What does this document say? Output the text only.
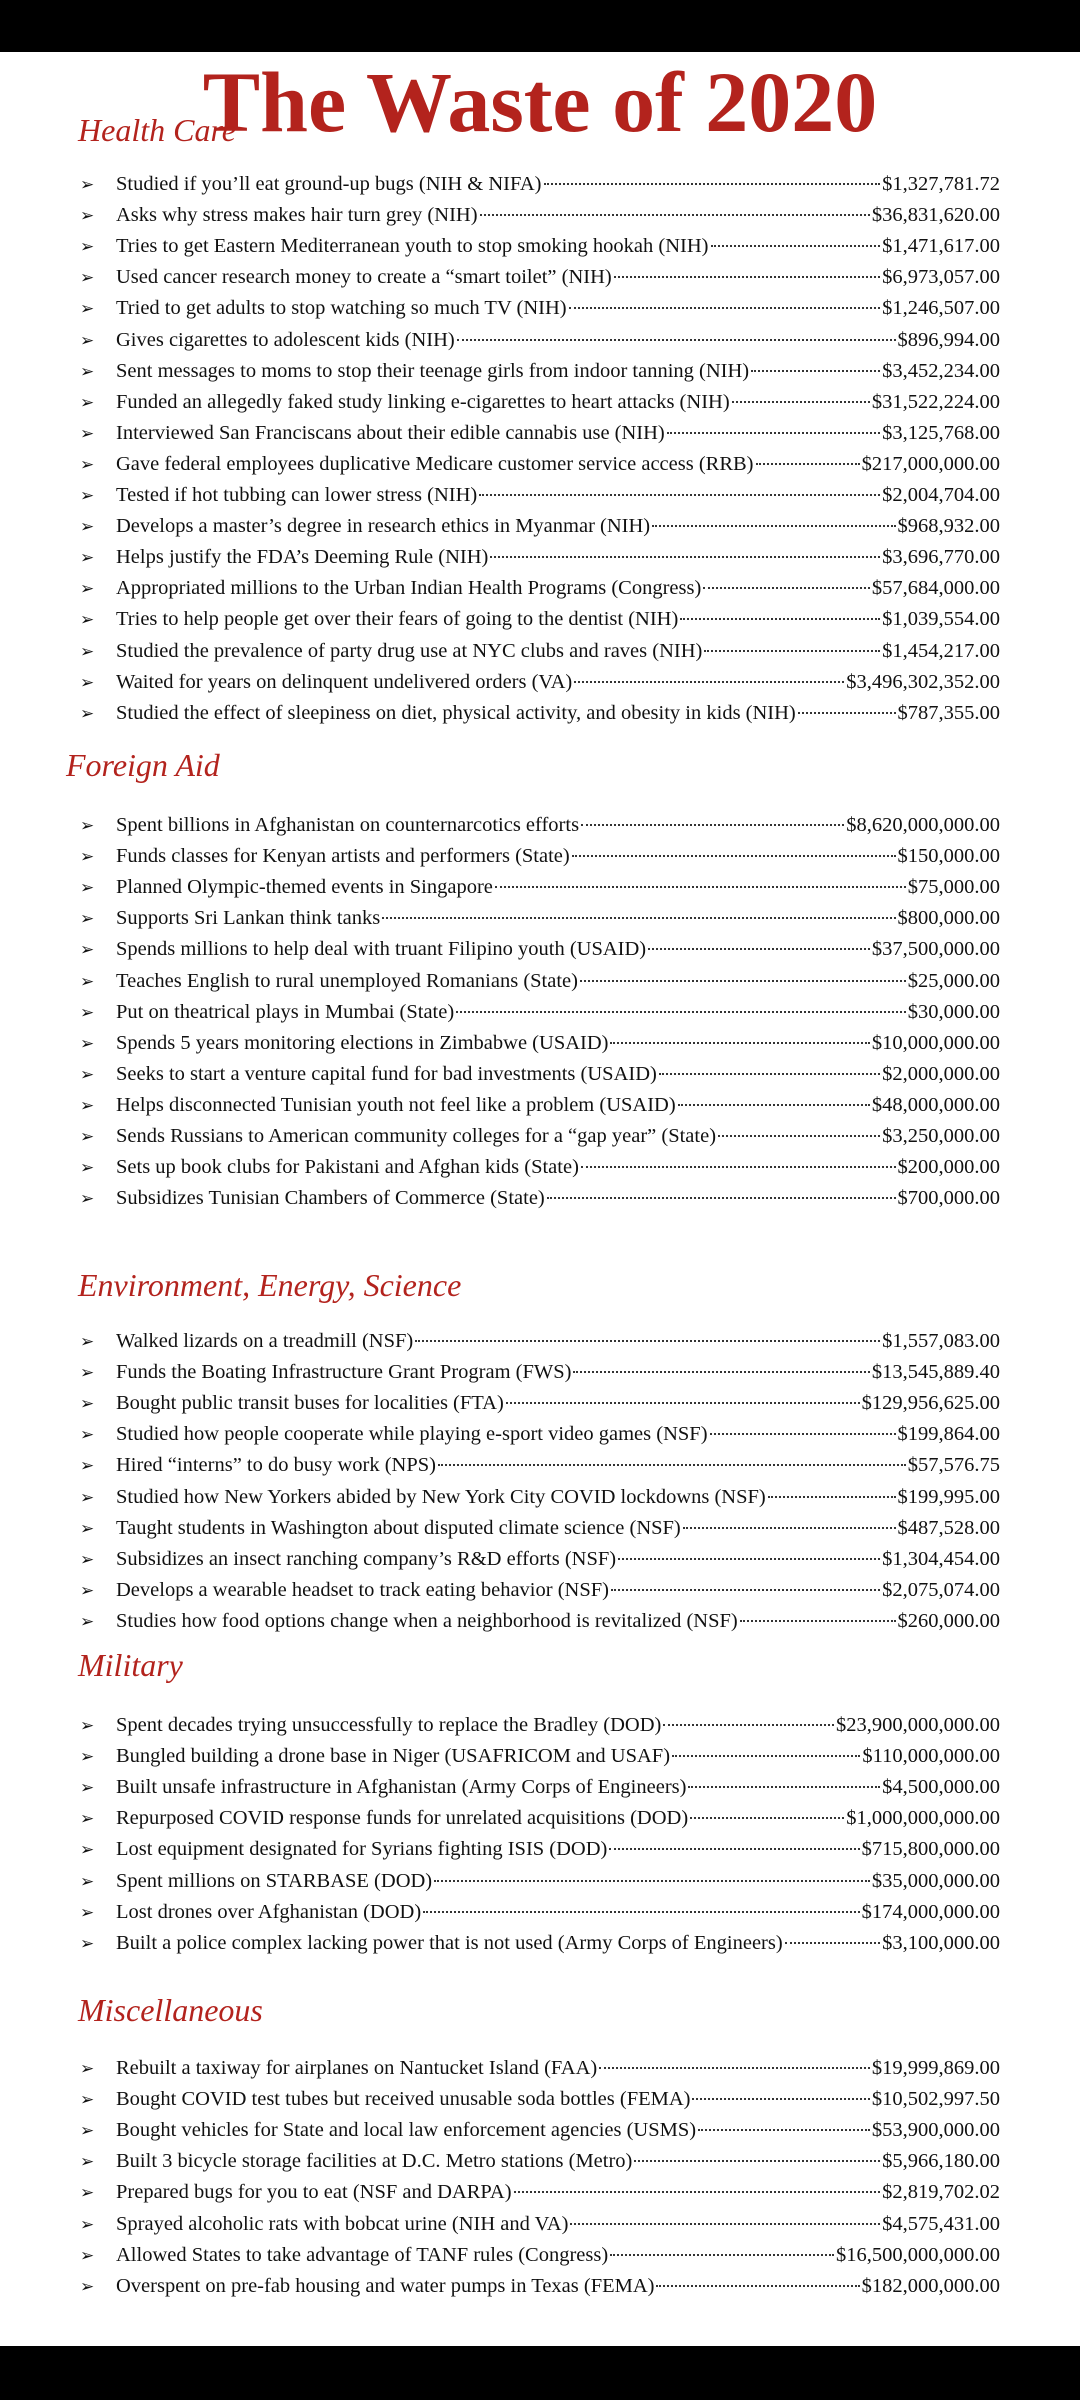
The Waste of 2020
Health Care
➢	Studied if you’ll eat ground-up bugs (NIH & NIFA)	$1,327,781.72
➢	Asks why stress makes hair turn grey (NIH)	$36,831,620.00
➢	Tries to get Eastern Mediterranean youth to stop smoking hookah (NIH)	$1,471,617.00
➢	Used cancer research money to create a “smart toilet” (NIH)	$6,973,057.00
➢	Tried to get adults to stop watching so much TV (NIH)	$1,246,507.00
➢	Gives cigarettes to adolescent kids (NIH)	$896,994.00
➢	Sent messages to moms to stop their teenage girls from indoor tanning (NIH)	$3,452,234.00
➢	Funded an allegedly faked study linking e-cigarettes to heart attacks (NIH)	$31,522,224.00
➢	Interviewed San Franciscans about their edible cannabis use (NIH)	$3,125,768.00
➢	Gave federal employees duplicative Medicare customer service access (RRB)	$217,000,000.00
➢	Tested if hot tubbing can lower stress (NIH)	$2,004,704.00
➢	Develops a master’s degree in research ethics in Myanmar (NIH)	$968,932.00
➢	Helps justify the FDA’s Deeming Rule (NIH)	$3,696,770.00
➢	Appropriated millions to the Urban Indian Health Programs (Congress)	$57,684,000.00
➢	Tries to help people get over their fears of going to the dentist (NIH)	$1,039,554.00
➢	Studied the prevalence of party drug use at NYC clubs and raves (NIH)	$1,454,217.00
➢	Waited for years on delinquent undelivered orders (VA)	$3,496,302,352.00
➢	Studied the effect of sleepiness on diet, physical activity, and obesity in kids (NIH)	$787,355.00
Foreign Aid
➢	Spent billions in Afghanistan on counternarcotics efforts	$8,620,000,000.00
➢	Funds classes for Kenyan artists and performers (State)	$150,000.00
➢	Planned Olympic-themed events in Singapore	$75,000.00
➢	Supports Sri Lankan think tanks	$800,000.00
➢	Spends millions to help deal with truant Filipino youth (USAID)	$37,500,000.00
➢	Teaches English to rural unemployed Romanians (State)	$25,000.00
➢	Put on theatrical plays in Mumbai (State)	$30,000.00
➢	Spends 5 years monitoring elections in Zimbabwe (USAID)	$10,000,000.00
➢	Seeks to start a venture capital fund for bad investments (USAID)	$2,000,000.00
➢	Helps disconnected Tunisian youth not feel like a problem (USAID)	$48,000,000.00
➢	Sends Russians to American community colleges for a “gap year” (State)	$3,250,000.00
➢	Sets up book clubs for Pakistani and Afghan kids (State)	$200,000.00
➢	Subsidizes Tunisian Chambers of Commerce (State)	$700,000.00
Environment, Energy, Science
➢	Walked lizards on a treadmill (NSF)	$1,557,083.00
➢	Funds the Boating Infrastructure Grant Program (FWS)	$13,545,889.40
➢	Bought public transit buses for localities (FTA)	$129,956,625.00
➢	Studied how people cooperate while playing e-sport video games (NSF)	$199,864.00
➢	Hired “interns” to do busy work (NPS)	$57,576.75
➢	Studied how New Yorkers abided by New York City COVID lockdowns (NSF)	$199,995.00
➢	Taught students in Washington about disputed climate science (NSF)	$487,528.00
➢	Subsidizes an insect ranching company’s R&D efforts (NSF)	$1,304,454.00
➢	Develops a wearable headset to track eating behavior (NSF)	$2,075,074.00
➢	Studies how food options change when a neighborhood is revitalized (NSF)	$260,000.00
Military
➢	Spent decades trying unsuccessfully to replace the Bradley (DOD)	$23,900,000,000.00
➢	Bungled building a drone base in Niger (USAFRICOM and USAF)	$110,000,000.00
➢	Built unsafe infrastructure in Afghanistan (Army Corps of Engineers)	$4,500,000.00
➢	Repurposed COVID response funds for unrelated acquisitions (DOD)	$1,000,000,000.00
➢	Lost equipment designated for Syrians fighting ISIS (DOD)	$715,800,000.00
➢	Spent millions on STARBASE (DOD)	$35,000,000.00
➢	Lost drones over Afghanistan (DOD)	$174,000,000.00
➢	Built a police complex lacking power that is not used (Army Corps of Engineers)	$3,100,000.00
Miscellaneous
➢	Rebuilt a taxiway for airplanes on Nantucket Island (FAA)	$19,999,869.00
➢	Bought COVID test tubes but received unusable soda bottles (FEMA)	$10,502,997.50
➢	Bought vehicles for State and local law enforcement agencies (USMS)	$53,900,000.00
➢	Built 3 bicycle storage facilities at D.C. Metro stations (Metro)	$5,966,180.00
➢	Prepared bugs for you to eat (NSF and DARPA)	$2,819,702.02
➢	Sprayed alcoholic rats with bobcat urine (NIH and VA)	$4,575,431.00
➢	Allowed States to take advantage of TANF rules (Congress)	$16,500,000,000.00
➢	Overspent on pre-fab housing and water pumps in Texas (FEMA)	$182,000,000.00
